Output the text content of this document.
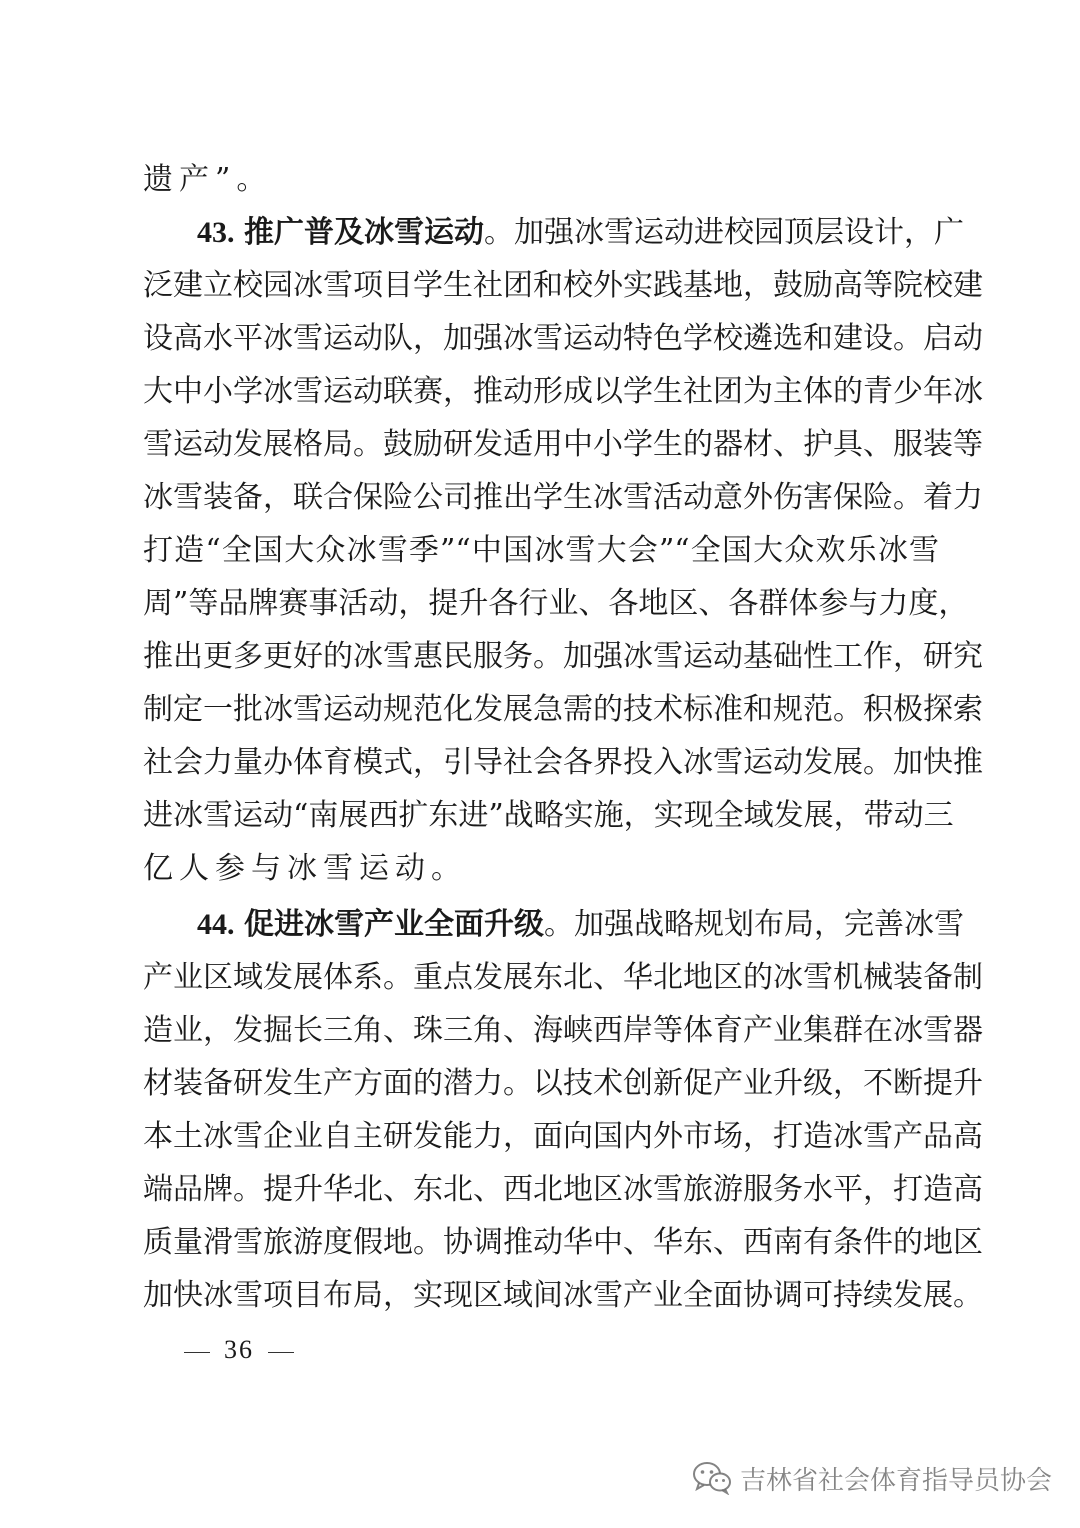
遗产”。
43. 推广普及冰雪运动。加强冰雪运动进校园顶层设计，广
泛建立校园冰雪项目学生社团和校外实践基地，鼓励高等院校建
设高水平冰雪运动队，加强冰雪运动特色学校遴选和建设。启动
大中小学冰雪运动联赛，推动形成以学生社团为主体的青少年冰
雪运动发展格局。鼓励研发适用中小学生的器材、护具、服装等
冰雪装备，联合保险公司推出学生冰雪活动意外伤害保险。着力
打造“全国大众冰雪季”“中国冰雪大会”“全国大众欢乐冰雪
周”等品牌赛事活动，提升各行业、各地区、各群体参与力度，
推出更多更好的冰雪惠民服务。加强冰雪运动基础性工作，研究
制定一批冰雪运动规范化发展急需的技术标准和规范。积极探索
社会力量办体育模式，引导社会各界投入冰雪运动发展。加快推
进冰雪运动“南展西扩东进”战略实施，实现全域发展，带动三
亿人参与冰雪运动。
44. 促进冰雪产业全面升级。加强战略规划布局，完善冰雪
产业区域发展体系。重点发展东北、华北地区的冰雪机械装备制
造业，发掘长三角、珠三角、海峡西岸等体育产业集群在冰雪器
材装备研发生产方面的潜力。以技术创新促产业升级，不断提升
本土冰雪企业自主研发能力，面向国内外市场，打造冰雪产品高
端品牌。提升华北、东北、西北地区冰雪旅游服务水平，打造高
质量滑雪旅游度假地。协调推动华中、华东、西南有条件的地区
加快冰雪项目布局，实现区域间冰雪产业全面协调可持续发展。
36
吉林省社会体育指导员协会
